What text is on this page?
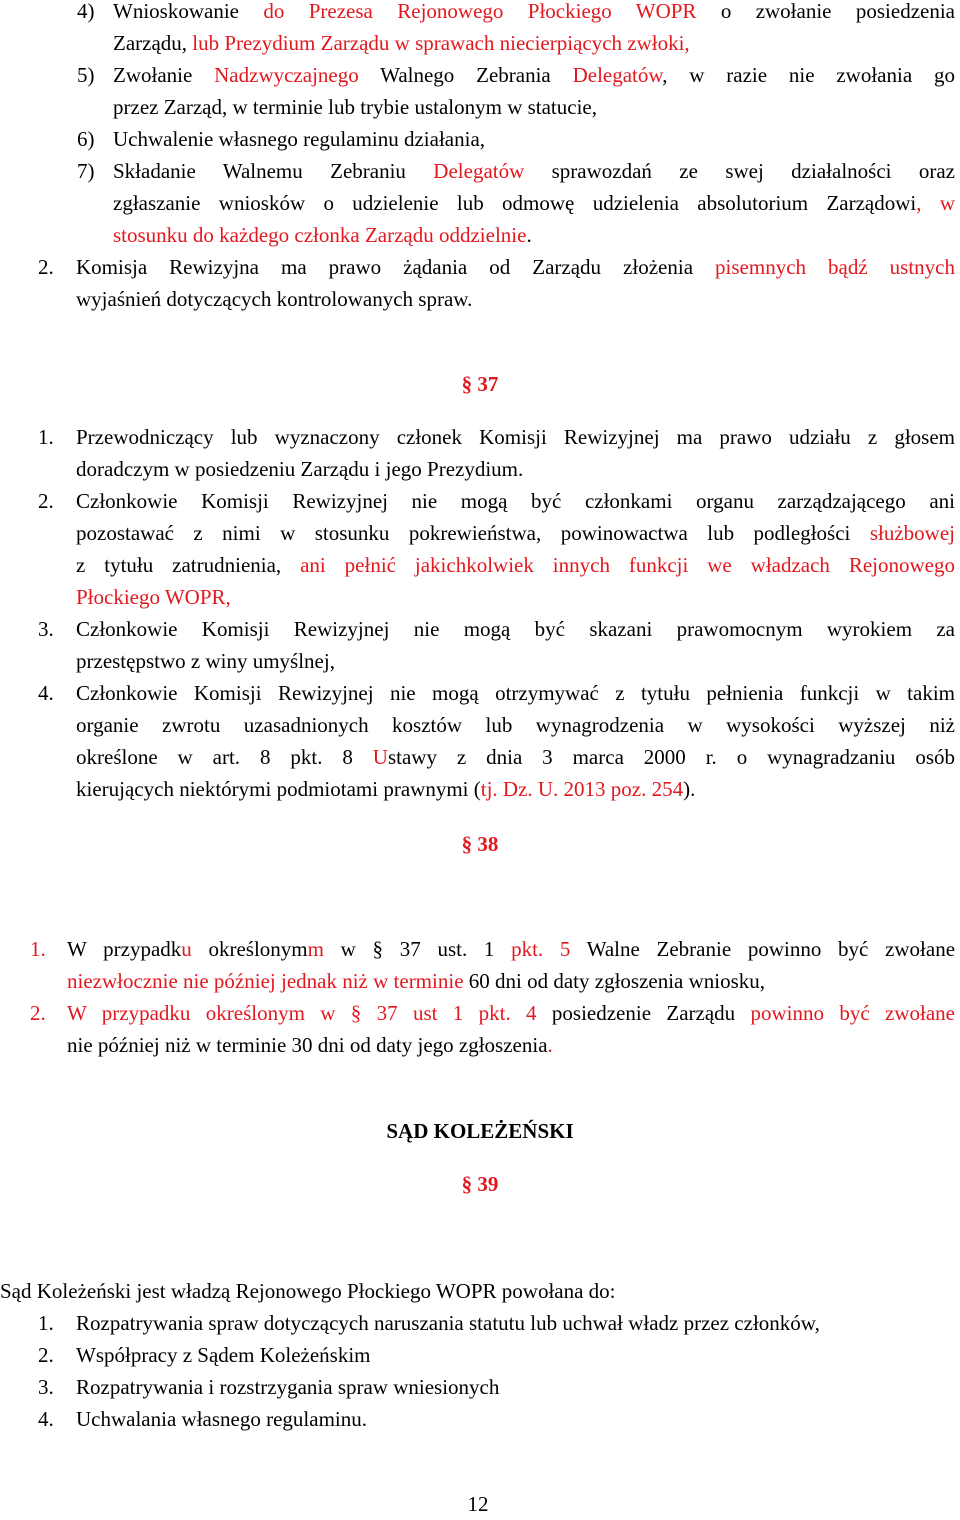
4) Wnioskowanie do Prezesa Rejonowego Płockiego WOPR o zwołanie posiedzenia
Zarządu, lub Prezydium Zarządu w sprawach niecierpiących zwłoki,
5) Zwołanie Nadzwyczajnego Walnego Zebrania Delegatów, w razie nie zwołania go
przez Zarząd, w terminie lub trybie ustalonym w statucie,
6) Uchwalenie własnego regulaminu działania,
7) Składanie Walnemu Zebraniu Delegatów sprawozdań ze swej działalności oraz
zgłaszanie wniosków o udzielenie lub odmowę udzielenia absolutorium Zarządowi, w
stosunku do każdego członka Zarządu oddzielnie.
2. Komisja Rewizyjna ma prawo żądania od Zarządu złożenia pisemnych bądź ustnych
wyjaśnień dotyczących kontrolowanych spraw.
§ 37
1. Przewodniczący lub wyznaczony członek Komisji Rewizyjnej ma prawo udziału z głosem
doradczym w posiedzeniu Zarządu i jego Prezydium.
2. Członkowie Komisji Rewizyjnej nie mogą być członkami organu zarządzającego ani
pozostawać z nimi w stosunku pokrewieństwa, powinowactwa lub podległości służbowej
z tytułu zatrudnienia, ani pełnić jakichkolwiek innych funkcji we władzach Rejonowego
Płockiego WOPR,
3. Członkowie Komisji Rewizyjnej nie mogą być skazani prawomocnym wyrokiem za
przestępstwo z winy umyślnej,
4. Członkowie Komisji Rewizyjnej nie mogą otrzymywać z tytułu pełnienia funkcji w takim
organie zwrotu uzasadnionych kosztów lub wynagrodzenia w wysokości wyższej niż
określone w art. 8 pkt. 8 Ustawy z dnia 3 marca 2000 r. o wynagradzaniu osób
kierujących niektórymi podmiotami prawnymi (tj. Dz. U. 2013 poz. 254).
§ 38
1. W przypadku określonymm w § 37 ust. 1 pkt. 5 Walne Zebranie powinno być zwołane
niezwłocznie nie później jednak niż w terminie 60 dni od daty zgłoszenia wniosku,
2. W przypadku określonym w § 37 ust 1 pkt. 4 posiedzenie Zarządu powinno być zwołane
nie później niż w terminie 30 dni od daty jego zgłoszenia.
SĄD KOLEŻEŃSKI
§ 39
Sąd Koleżeński jest władzą Rejonowego Płockiego WOPR powołana do:
1. Rozpatrywania spraw dotyczących naruszania statutu lub uchwał władz przez członków,
2. Współpracy z Sądem Koleżeńskim
3. Rozpatrywania i rozstrzygania spraw wniesionych
4. Uchwalania własnego regulaminu.
12
